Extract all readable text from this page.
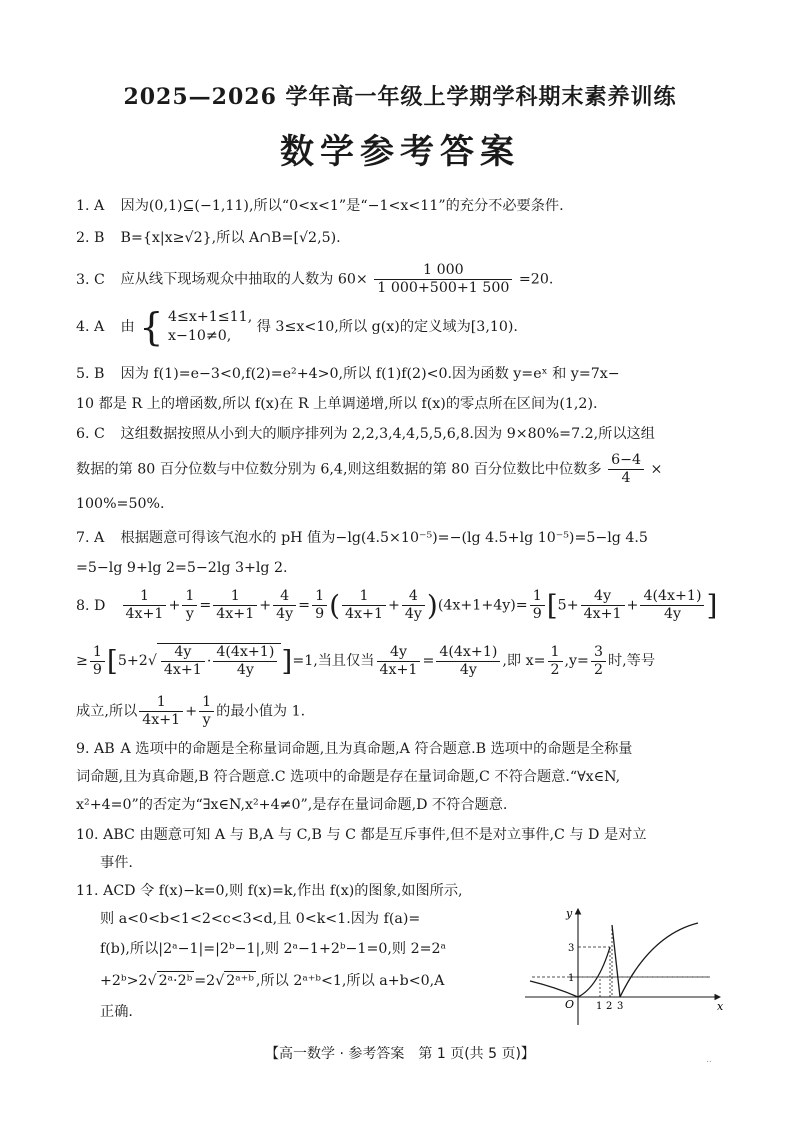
2025—2026 学年高一年级上学期学科期末素养训练
数学参考答案
1. A 因为(0,1)⊆(−1,11),所以“0<x<1”是“−1<x<11”的充分不必要条件.
2. B B={x|x≥√2},所以 A∩B=[√2,5).
3. C 应从线下现场观众中抽取的人数为 $60\times \frac{1 000}{1 000+500+1 500} =20$.
4. A 由 { 4≤x+1≤11,
x−10≠0,
得 3≤x<10,所以 g(x)的定义域为[3,10).
5. B 因为 f(1)=e−3<0,f(2)=e²+4>0,所以 f(1)f(2)<0.因为函数 y=eˣ 和 y=7x−
10 都是 R 上的增函数,所以 f(x)在 R 上单调递增,所以 f(x)的零点所在区间为(1,2).
6. C 这组数据按照从小到大的顺序排列为 2,2,3,4,4,5,5,6,8.因为 9×80%=7.2,所以这组
数据的第 80 百分位数与中位数分别为 6,4,则这组数据的第 80 百分位数比中位数多 $\frac{6-4}{4}$ ×
100%=50%.
7. A 根据题意可得该气泡水的 pH 值为−lg(4.5×10⁻⁵)=−(lg 4.5+lg 10⁻⁵)=5−lg 4.5
=5−lg 9+lg 2=5−2lg 3+lg 2.
8. D $\frac{1}{4x+1} + \frac{1}{y} = \frac{1}{4x+1} + \frac{4}{4y} = \frac{1}{9}$ ( $\frac{1}{4x+1} + \frac{4}{4y} )(4x+1+4y)= \frac{1}{9} [5+ \frac{4y}{4x+1} + \frac{4(4x+1)}{4y}$ ]
≥ $\frac{1}{9} [5+2√ \frac{4y}{4x+1} \cdot \frac{4(4x+1)}{4y} ]=1$,当且仅当 $\frac{4y}{4x+1} = \frac{4(4x+1)}{4y}$ ,即 $x= \frac{1}{2} ,y= \frac{3}{2}$ 时,等号
成立,所以 $\frac{1}{4x+1} + \frac{1}{y}$ 的最小值为 1.
9. AB A 选项中的命题是全称量词命题,且为真命题,A 符合题意.B 选项中的命题是全称量
词命题,且为真命题,B 符合题意.C 选项中的命题是存在量词命题,C 不符合题意.“∀x∈N,
x²+4=0”的否定为“∃x∈N,x²+4≠0”,是存在量词命题,D 不符合题意.
10. ABC 由题意可知 A 与 B,A 与 C,B 与 C 都是互斥事件,但不是对立事件,C 与 D 是对立
事件.
11. ACD 令 f(x)−k=0,则 f(x)=k,作出 f(x)的图象,如图所示,
则 a<0<b<1<2<c<3<d,且 0<k<1.因为 f(a)=
f(b),所以|2ᵃ−1|=|2ᵇ−1|,则 2ᵃ−1+2ᵇ−1=0,则 2=2ᵃ
+2ᵇ>2√ 2ᵃ·2ᵇ =2√ 2ᵃ⁺ᵇ ,所以 2ᵃ⁺ᵇ<1,所以 a+b<0,A
正确.
y
x
O 1 2 3
3
1
【高一数学 · 参考答案　第 1 页(共 5 页)】	..
